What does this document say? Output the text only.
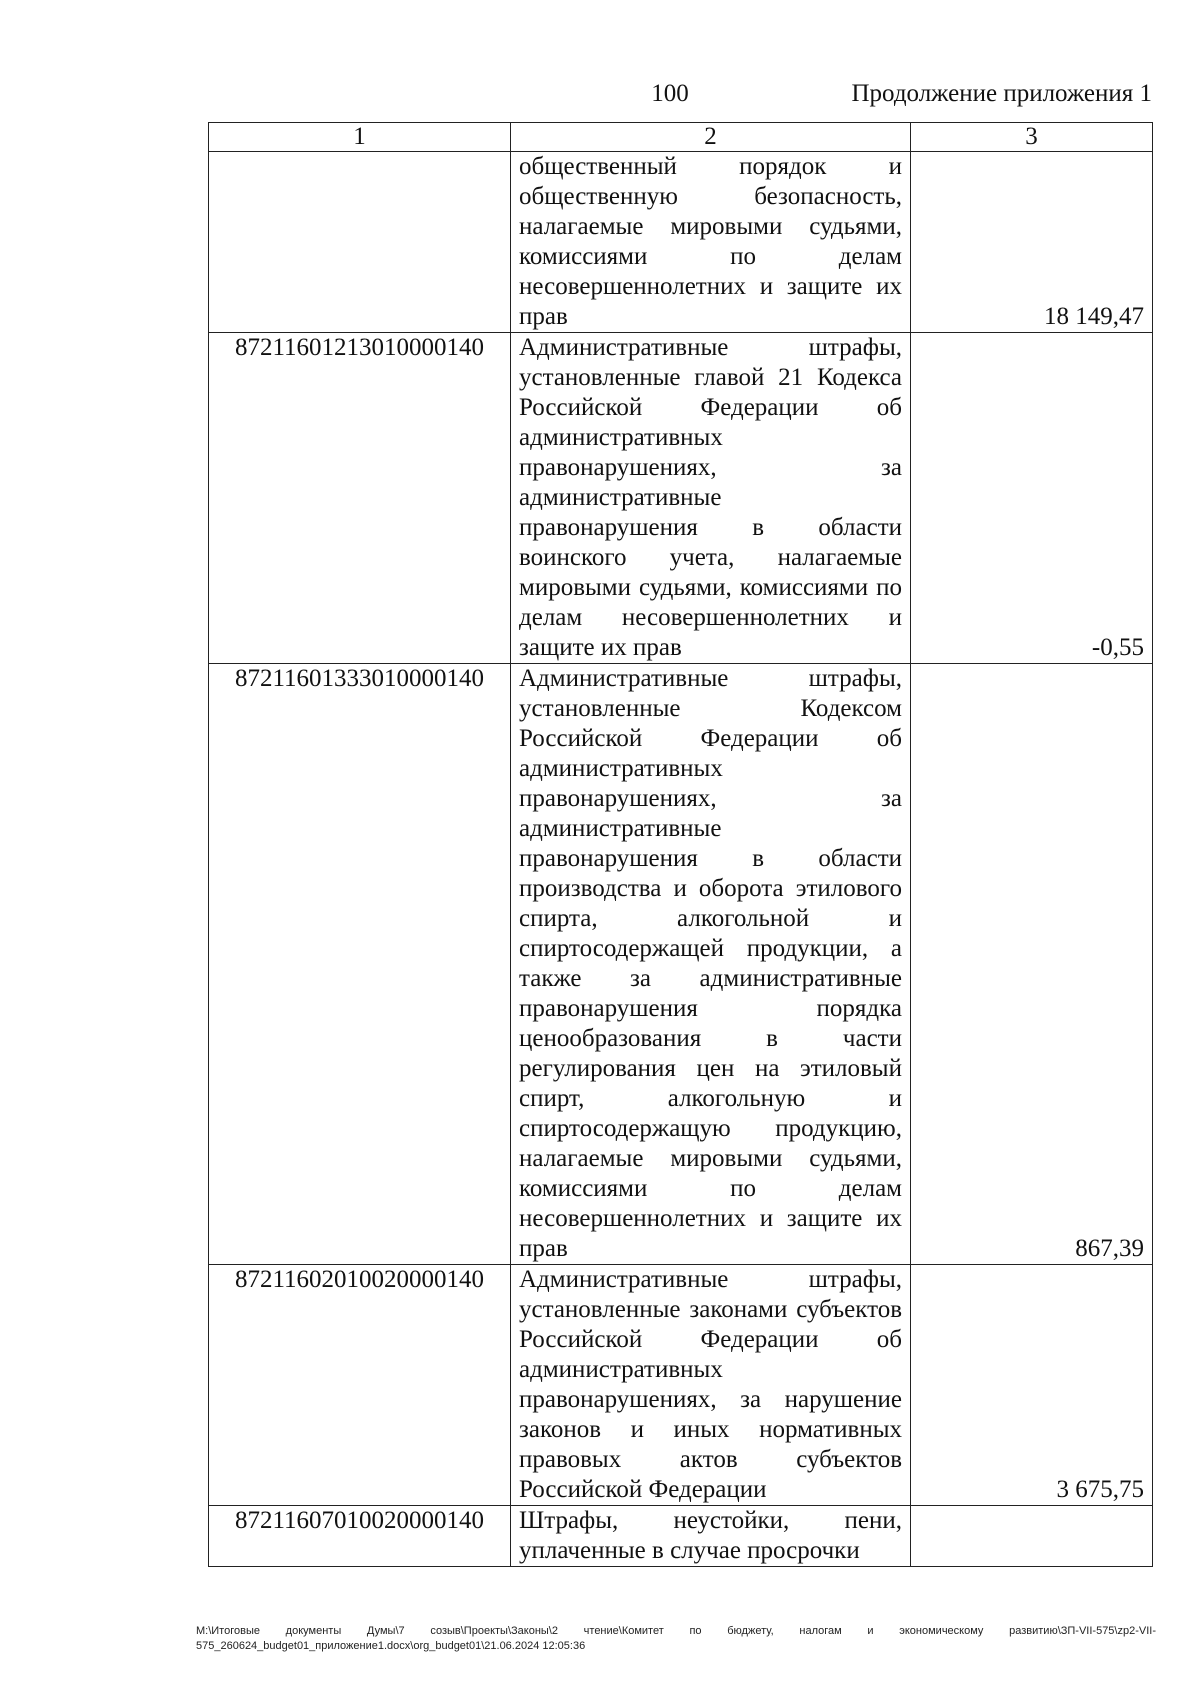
100	Продолжение приложения 1
1	2	3
	общественный порядок и общественную безопасность, налагаемые мировыми судьями, комиссиями по делам несовершеннолетних и защите их прав	18 149,47
87211601213010000140	Административные штрафы, установленные главой 21 Кодекса Российской Федерации об административных правонарушениях, за административные правонарушения в области воинского учета, налагаемые мировыми судьями, комиссиями по делам несовершеннолетних и защите их прав	-0,55
87211601333010000140	Административные штрафы, установленные Кодексом Российской Федерации об административных правонарушениях, за административные правонарушения в области производства и оборота этилового спирта, алкогольной и спиртосодержащей продукции, а также за административные правонарушения порядка ценообразования в части регулирования цен на этиловый спирт, алкогольную и спиртосодержащую продукцию, налагаемые мировыми судьями, комиссиями по делам несовершеннолетних и защите их прав	867,39
87211602010020000140	Административные штрафы, установленные законами субъектов Российской Федерации об административных правонарушениях, за нарушение законов и иных нормативных правовых актов субъектов Российской Федерации	3 675,75
87211607010020000140	Штрафы, неустойки, пени, уплаченные в случае просрочки	
М:\Итоговые документы Думы\7 созыв\Проекты\Законы\2 чтение\Комитет по бюджету, налогам и экономическому развитию\ЗП-VII-575\zp2-VII-575_260624_budget01_приложение1.docx\org_budget01\21.06.2024 12:05:36
